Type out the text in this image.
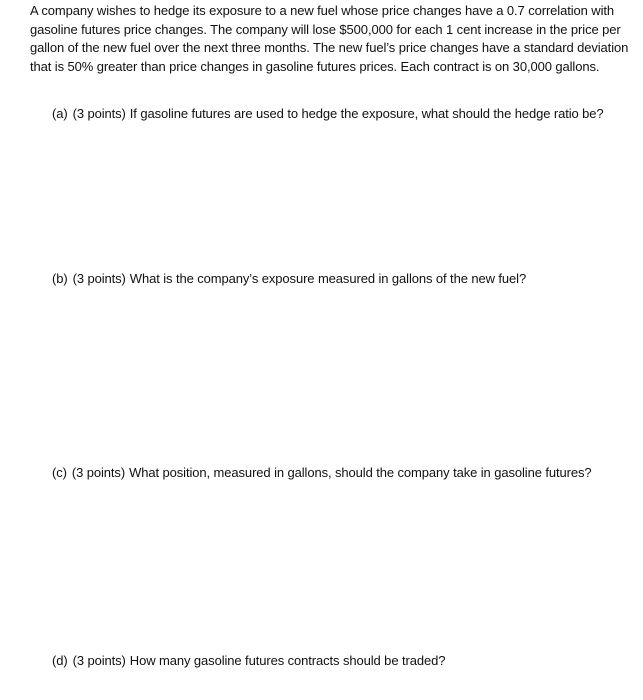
A company wishes to hedge its exposure to a new fuel whose price changes have a 0.7 correlation with gasoline futures price changes. The company will lose $500,000 for each 1 cent increase in the price per gallon of the new fuel over the next three months. The new fuel’s price changes have a standard deviation that is 50% greater than price changes in gasoline futures prices. Each contract is on 30,000 gallons.

(a) (3 points) If gasoline futures are used to hedge the exposure, what should the hedge ratio be?

(b) (3 points) What is the company’s exposure measured in gallons of the new fuel?

(c) (3 points) What position, measured in gallons, should the company take in gasoline futures?

(d) (3 points) How many gasoline futures contracts should be traded?
